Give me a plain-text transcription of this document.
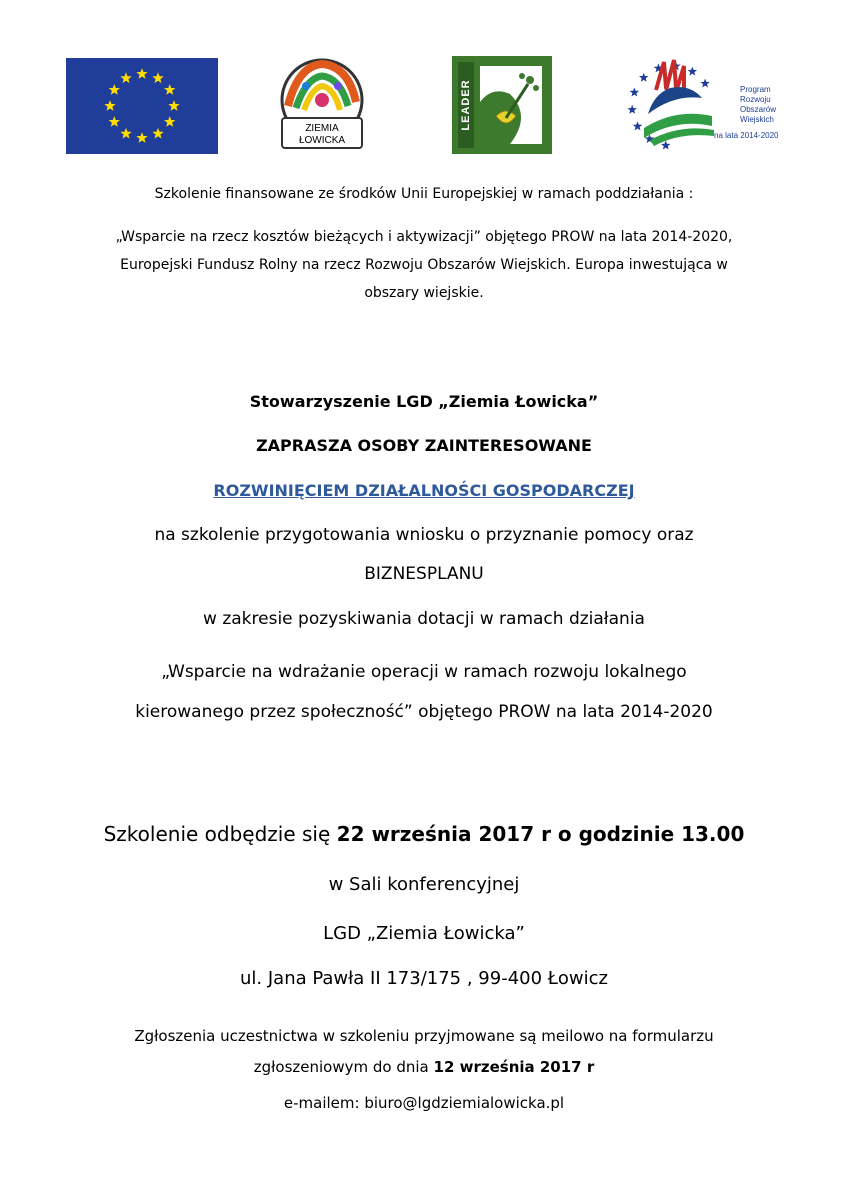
ZIEMIA
ŁOWICKA
LEADER	Program
Rozwoju
Obszarów
Wiejskich
na lata 2014-2020
Szkolenie finansowane ze środków Unii Europejskiej w ramach poddziałania :
„Wsparcie na rzecz kosztów bieżących i aktywizacji” objętego PROW na lata 2014-2020,
Europejski Fundusz Rolny na rzecz Rozwoju Obszarów Wiejskich. Europa inwestująca w
obszary wiejskie.
Stowarzyszenie LGD „Ziemia Łowicka”
ZAPRASZA OSOBY ZAINTERESOWANE
ROZWINIĘCIEM DZIAŁALNOŚCI GOSPODARCZEJ
na szkolenie przygotowania wniosku o przyznanie pomocy oraz
BIZNESPLANU
w zakresie pozyskiwania dotacji w ramach działania
„Wsparcie na wdrażanie operacji w ramach rozwoju lokalnego
kierowanego przez społeczność” objętego PROW na lata 2014-2020
Szkolenie odbędzie się 22 września 2017 r o godzinie 13.00
w Sali konferencyjnej
LGD „Ziemia Łowicka”
ul. Jana Pawła II 173/175 , 99-400 Łowicz
Zgłoszenia uczestnictwa w szkoleniu przyjmowane są meilowo na formularzu
zgłoszeniowym do dnia 12 września 2017 r
e-mailem: biuro@lgdziemialowicka.pl
